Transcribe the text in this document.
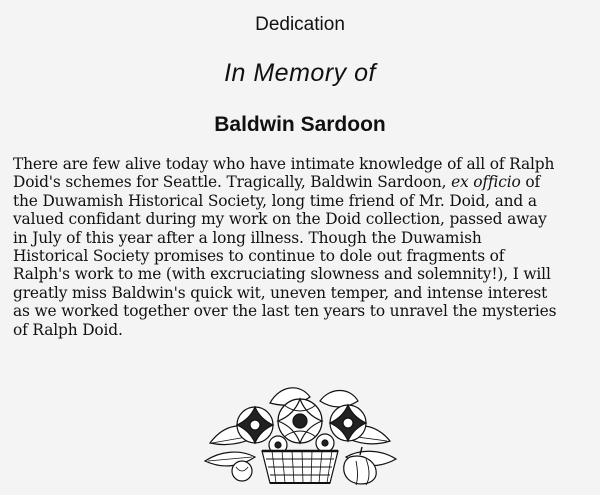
Dedication
In Memory of
Baldwin Sardoon

There are few alive today who have intimate knowledge of all of Ralph
Doid's schemes for Seattle. Tragically, Baldwin Sardoon, ex officio of
the Duwamish Historical Society, long time friend of Mr. Doid, and a
valued confidant during my work on the Doid collection, passed away
in July of this year after a long illness. Though the Duwamish
Historical Society promises to continue to dole out fragments of
Ralph's work to me (with excruciating slowness and solemnity!), I will
greatly miss Baldwin's quick wit, uneven temper, and intense interest
as we worked together over the last ten years to unravel the mysteries
of Ralph Doid.
